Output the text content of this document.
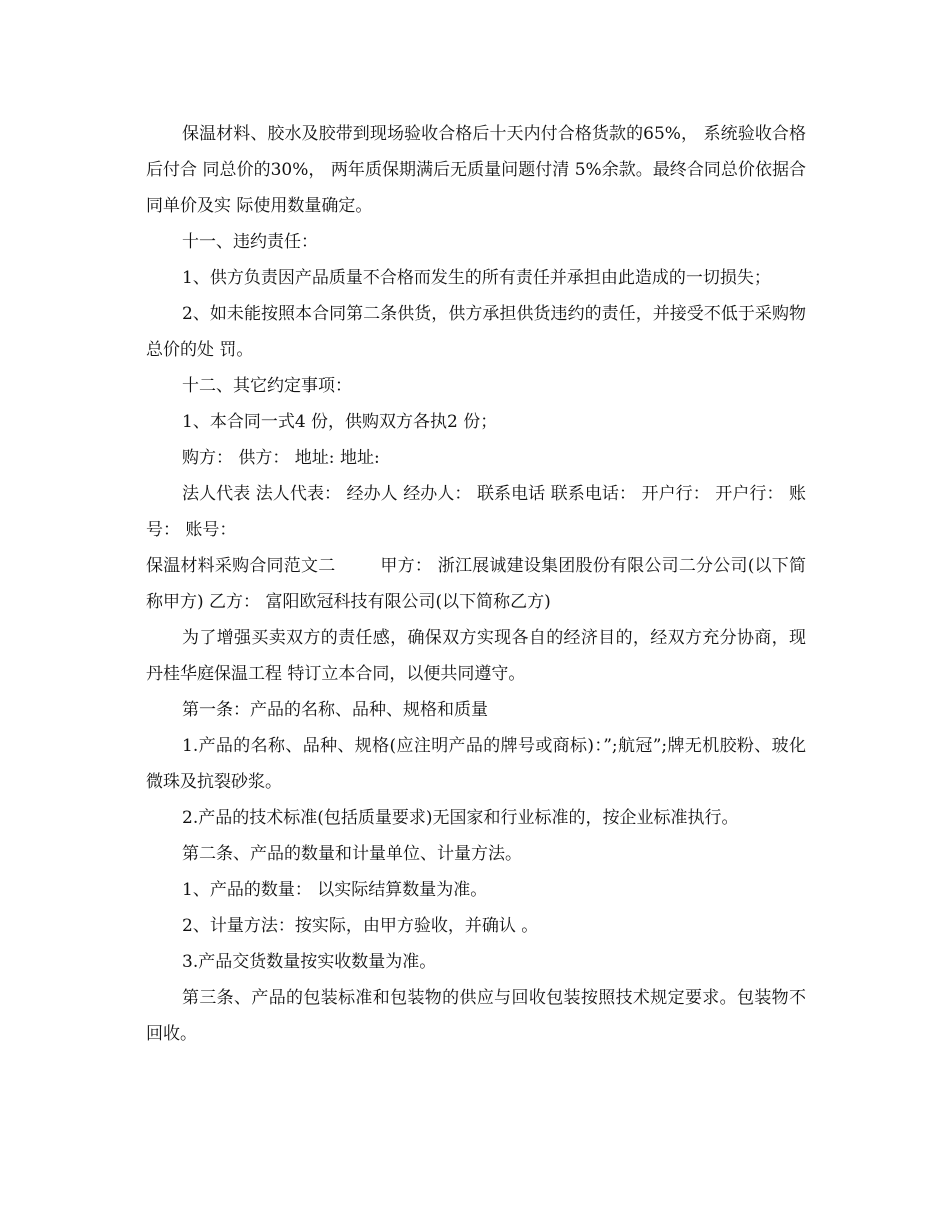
保温材料、胶水及胶带到现场验收合格后十天内付合格货款的65%， 系统验收合格后付合 同总价的30%， 两年质保期满后无质量问题付清 5%余款。最终合同总价依据合同单价及实 际使用数量确定。

十一、违约责任：

1、供方负责因产品质量不合格而发生的所有责任并承担由此造成的一切损失；

2、如未能按照本合同第二条供货，供方承担供货违约的责任，并接受不低于采购物总价的处 罚。

十二、其它约定事项：

1、本合同一式4 份，供购双方各执2 份；

购方： 供方： 地址: 地址:

法人代表 法人代表： 经办人 经办人： 联系电话 联系电话： 开户行： 开户行： 账号： 账号：

保温材料采购合同范文二        甲方： 浙江展诚建设集团股份有限公司二分公司(以下简称甲方) 乙方： 富阳欧冠科技有限公司(以下简称乙方)

为了增强买卖双方的责任感，确保双方实现各自的经济目的，经双方充分协商，现 丹桂华庭保温工程 特订立本合同，以便共同遵守。

第一条：产品的名称、品种、规格和质量

1.产品的名称、品种、规格(应注明产品的牌号或商标)：”;航冠”;牌无机胶粉、玻化微珠及抗裂砂浆。

2.产品的技术标准(包括质量要求)无国家和行业标准的，按企业标准执行。

第二条、产品的数量和计量单位、计量方法。

1、产品的数量： 以实际结算数量为准。

2、计量方法：按实际，由甲方验收，并确认 。

3.产品交货数量按实收数量为准。

第三条、产品的包装标准和包装物的供应与回收包装按照技术规定要求。包装物不回收。
